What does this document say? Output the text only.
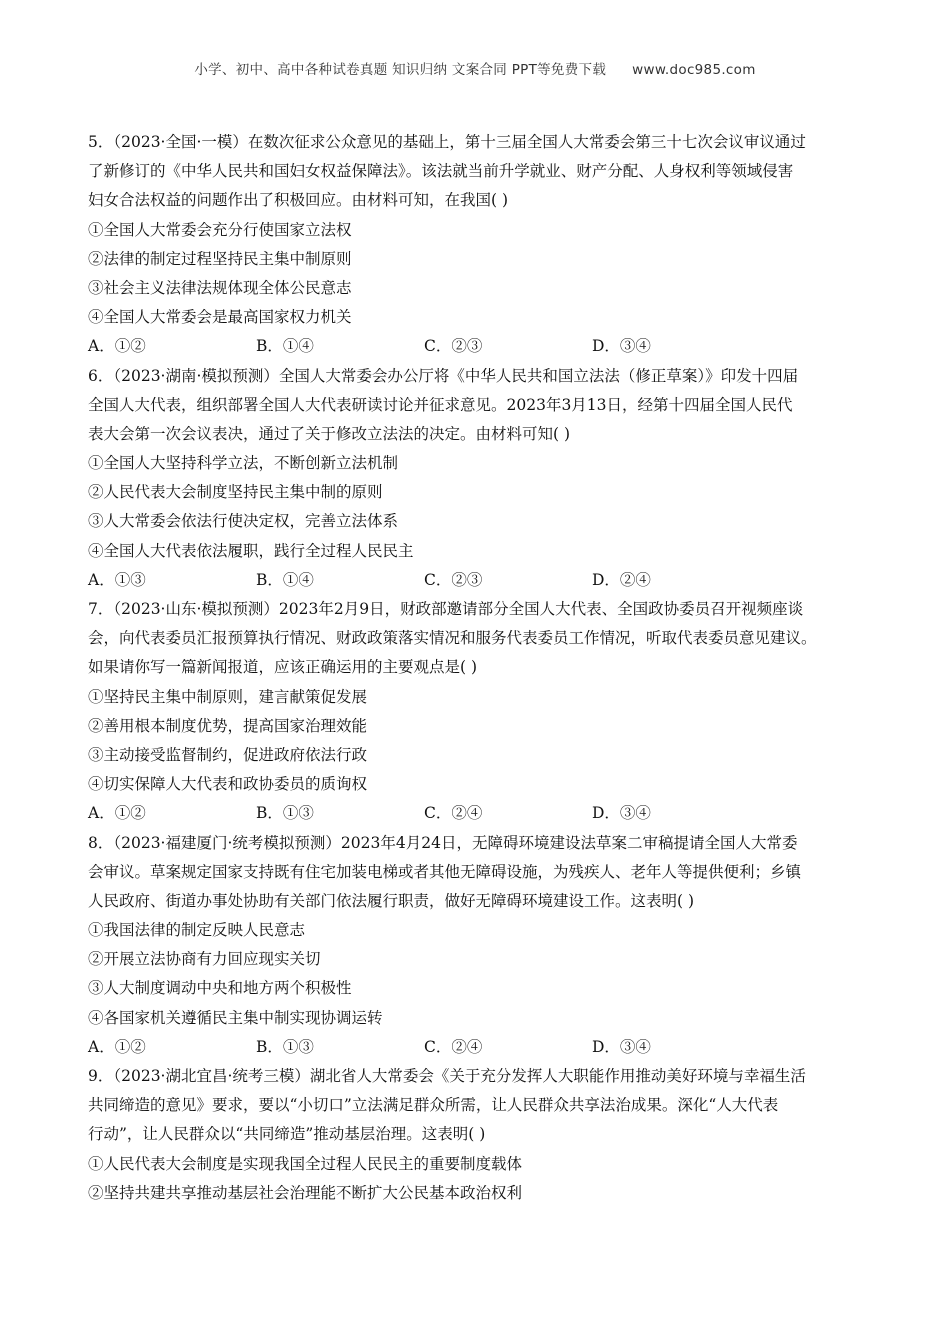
小学、初中、高中各种试卷真题 知识归纳 文案合同 PPT等免费下载 www.doc985.com
5．（2023·全国·一模）在数次征求公众意见的基础上，第十三届全国人大常委会第三十七次会议审议通过
了新修订的《中华人民共和国妇女权益保障法》。该法就当前升学就业、财产分配、人身权利等领域侵害
妇女合法权益的问题作出了积极回应。由材料可知，在我国( )
①全国人大常委会充分行使国家立法权
②法律的制定过程坚持民主集中制原则
③社会主义法律法规体现全体公民意志
④全国人大常委会是最高国家权力机关
A．①②	B．①④	C．②③	D．③④
6．（2023·湖南·模拟预测）全国人大常委会办公厅将《中华人民共和国立法法（修正草案）》印发十四届
全国人大代表，组织部署全国人大代表研读讨论并征求意见。2023年3月13日，经第十四届全国人民代
表大会第一次会议表决，通过了关于修改立法法的决定。由材料可知( )
①全国人大坚持科学立法，不断创新立法机制
②人民代表大会制度坚持民主集中制的原则
③人大常委会依法行使决定权，完善立法体系
④全国人大代表依法履职，践行全过程人民民主
A．①③	B．①④	C．②③	D．②④
7．（2023·山东·模拟预测）2023年2月9日，财政部邀请部分全国人大代表、全国政协委员召开视频座谈
会，向代表委员汇报预算执行情况、财政政策落实情况和服务代表委员工作情况，听取代表委员意见建议。
如果请你写一篇新闻报道，应该正确运用的主要观点是( )
①坚持民主集中制原则，建言献策促发展
②善用根本制度优势，提高国家治理效能
③主动接受监督制约，促进政府依法行政
④切实保障人大代表和政协委员的质询权
A．①②	B．①③	C．②④	D．③④
8．（2023·福建厦门·统考模拟预测）2023年4月24日，无障碍环境建设法草案二审稿提请全国人大常委
会审议。草案规定国家支持既有住宅加装电梯或者其他无障碍设施，为残疾人、老年人等提供便利；乡镇
人民政府、街道办事处协助有关部门依法履行职责，做好无障碍环境建设工作。这表明( )
①我国法律的制定反映人民意志
②开展立法协商有力回应现实关切
③人大制度调动中央和地方两个积极性
④各国家机关遵循民主集中制实现协调运转
A．①②	B．①③	C．②④	D．③④
9．（2023·湖北宜昌·统考三模）湖北省人大常委会《关于充分发挥人大职能作用推动美好环境与幸福生活
共同缔造的意见》要求，要以“小切口”立法满足群众所需，让人民群众共享法治成果。深化“人大代表
行动”，让人民群众以“共同缔造”推动基层治理。这表明( )
①人民代表大会制度是实现我国全过程人民民主的重要制度载体
②坚持共建共享推动基层社会治理能不断扩大公民基本政治权利
